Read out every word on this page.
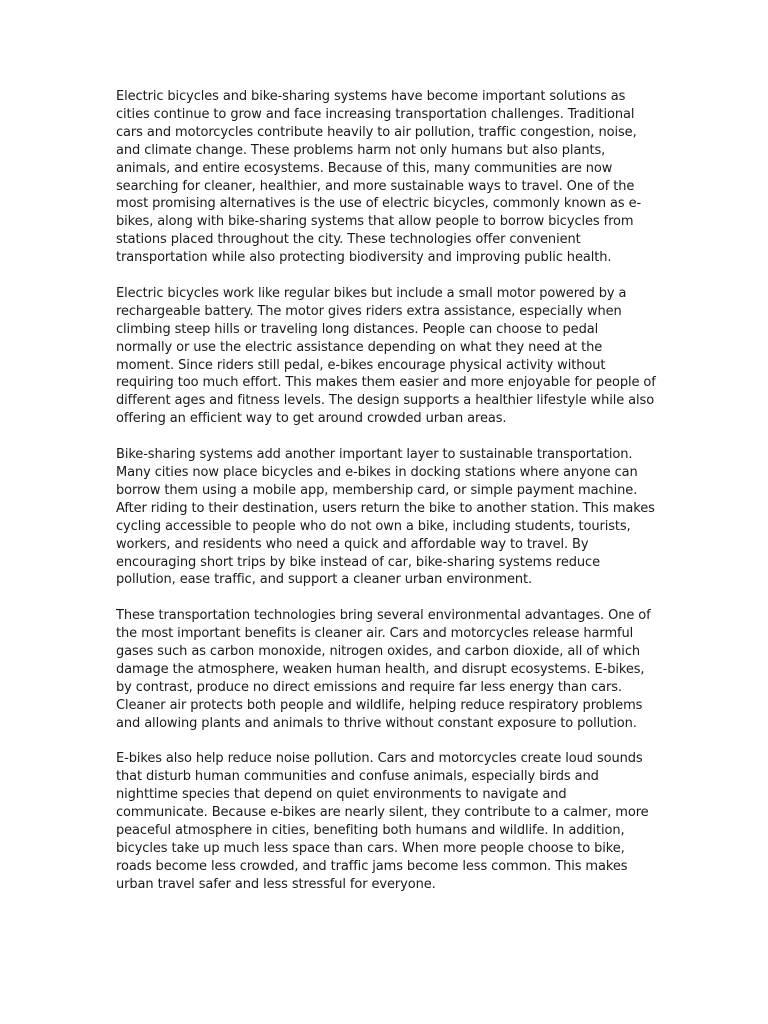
Electric bicycles and bike-sharing systems have become important solutions as cities continue to grow and face increasing transportation challenges. Traditional cars and motorcycles contribute heavily to air pollution, traffic congestion, noise, and climate change. These problems harm not only humans but also plants, animals, and entire ecosystems. Because of this, many communities are now searching for cleaner, healthier, and more sustainable ways to travel. One of the most promising alternatives is the use of electric bicycles, commonly known as e-bikes, along with bike-sharing systems that allow people to borrow bicycles from stations placed throughout the city. These technologies offer convenient transportation while also protecting biodiversity and improving public health.

Electric bicycles work like regular bikes but include a small motor powered by a rechargeable battery. The motor gives riders extra assistance, especially when climbing steep hills or traveling long distances. People can choose to pedal normally or use the electric assistance depending on what they need at the moment. Since riders still pedal, e-bikes encourage physical activity without requiring too much effort. This makes them easier and more enjoyable for people of different ages and fitness levels. The design supports a healthier lifestyle while also offering an efficient way to get around crowded urban areas.

Bike-sharing systems add another important layer to sustainable transportation. Many cities now place bicycles and e-bikes in docking stations where anyone can borrow them using a mobile app, membership card, or simple payment machine. After riding to their destination, users return the bike to another station. This makes cycling accessible to people who do not own a bike, including students, tourists, workers, and residents who need a quick and affordable way to travel. By encouraging short trips by bike instead of car, bike-sharing systems reduce pollution, ease traffic, and support a cleaner urban environment.

These transportation technologies bring several environmental advantages. One of the most important benefits is cleaner air. Cars and motorcycles release harmful gases such as carbon monoxide, nitrogen oxides, and carbon dioxide, all of which damage the atmosphere, weaken human health, and disrupt ecosystems. E-bikes, by contrast, produce no direct emissions and require far less energy than cars. Cleaner air protects both people and wildlife, helping reduce respiratory problems and allowing plants and animals to thrive without constant exposure to pollution.

E-bikes also help reduce noise pollution. Cars and motorcycles create loud sounds that disturb human communities and confuse animals, especially birds and nighttime species that depend on quiet environments to navigate and communicate. Because e-bikes are nearly silent, they contribute to a calmer, more peaceful atmosphere in cities, benefiting both humans and wildlife. In addition, bicycles take up much less space than cars. When more people choose to bike, roads become less crowded, and traffic jams become less common. This makes urban travel safer and less stressful for everyone.
